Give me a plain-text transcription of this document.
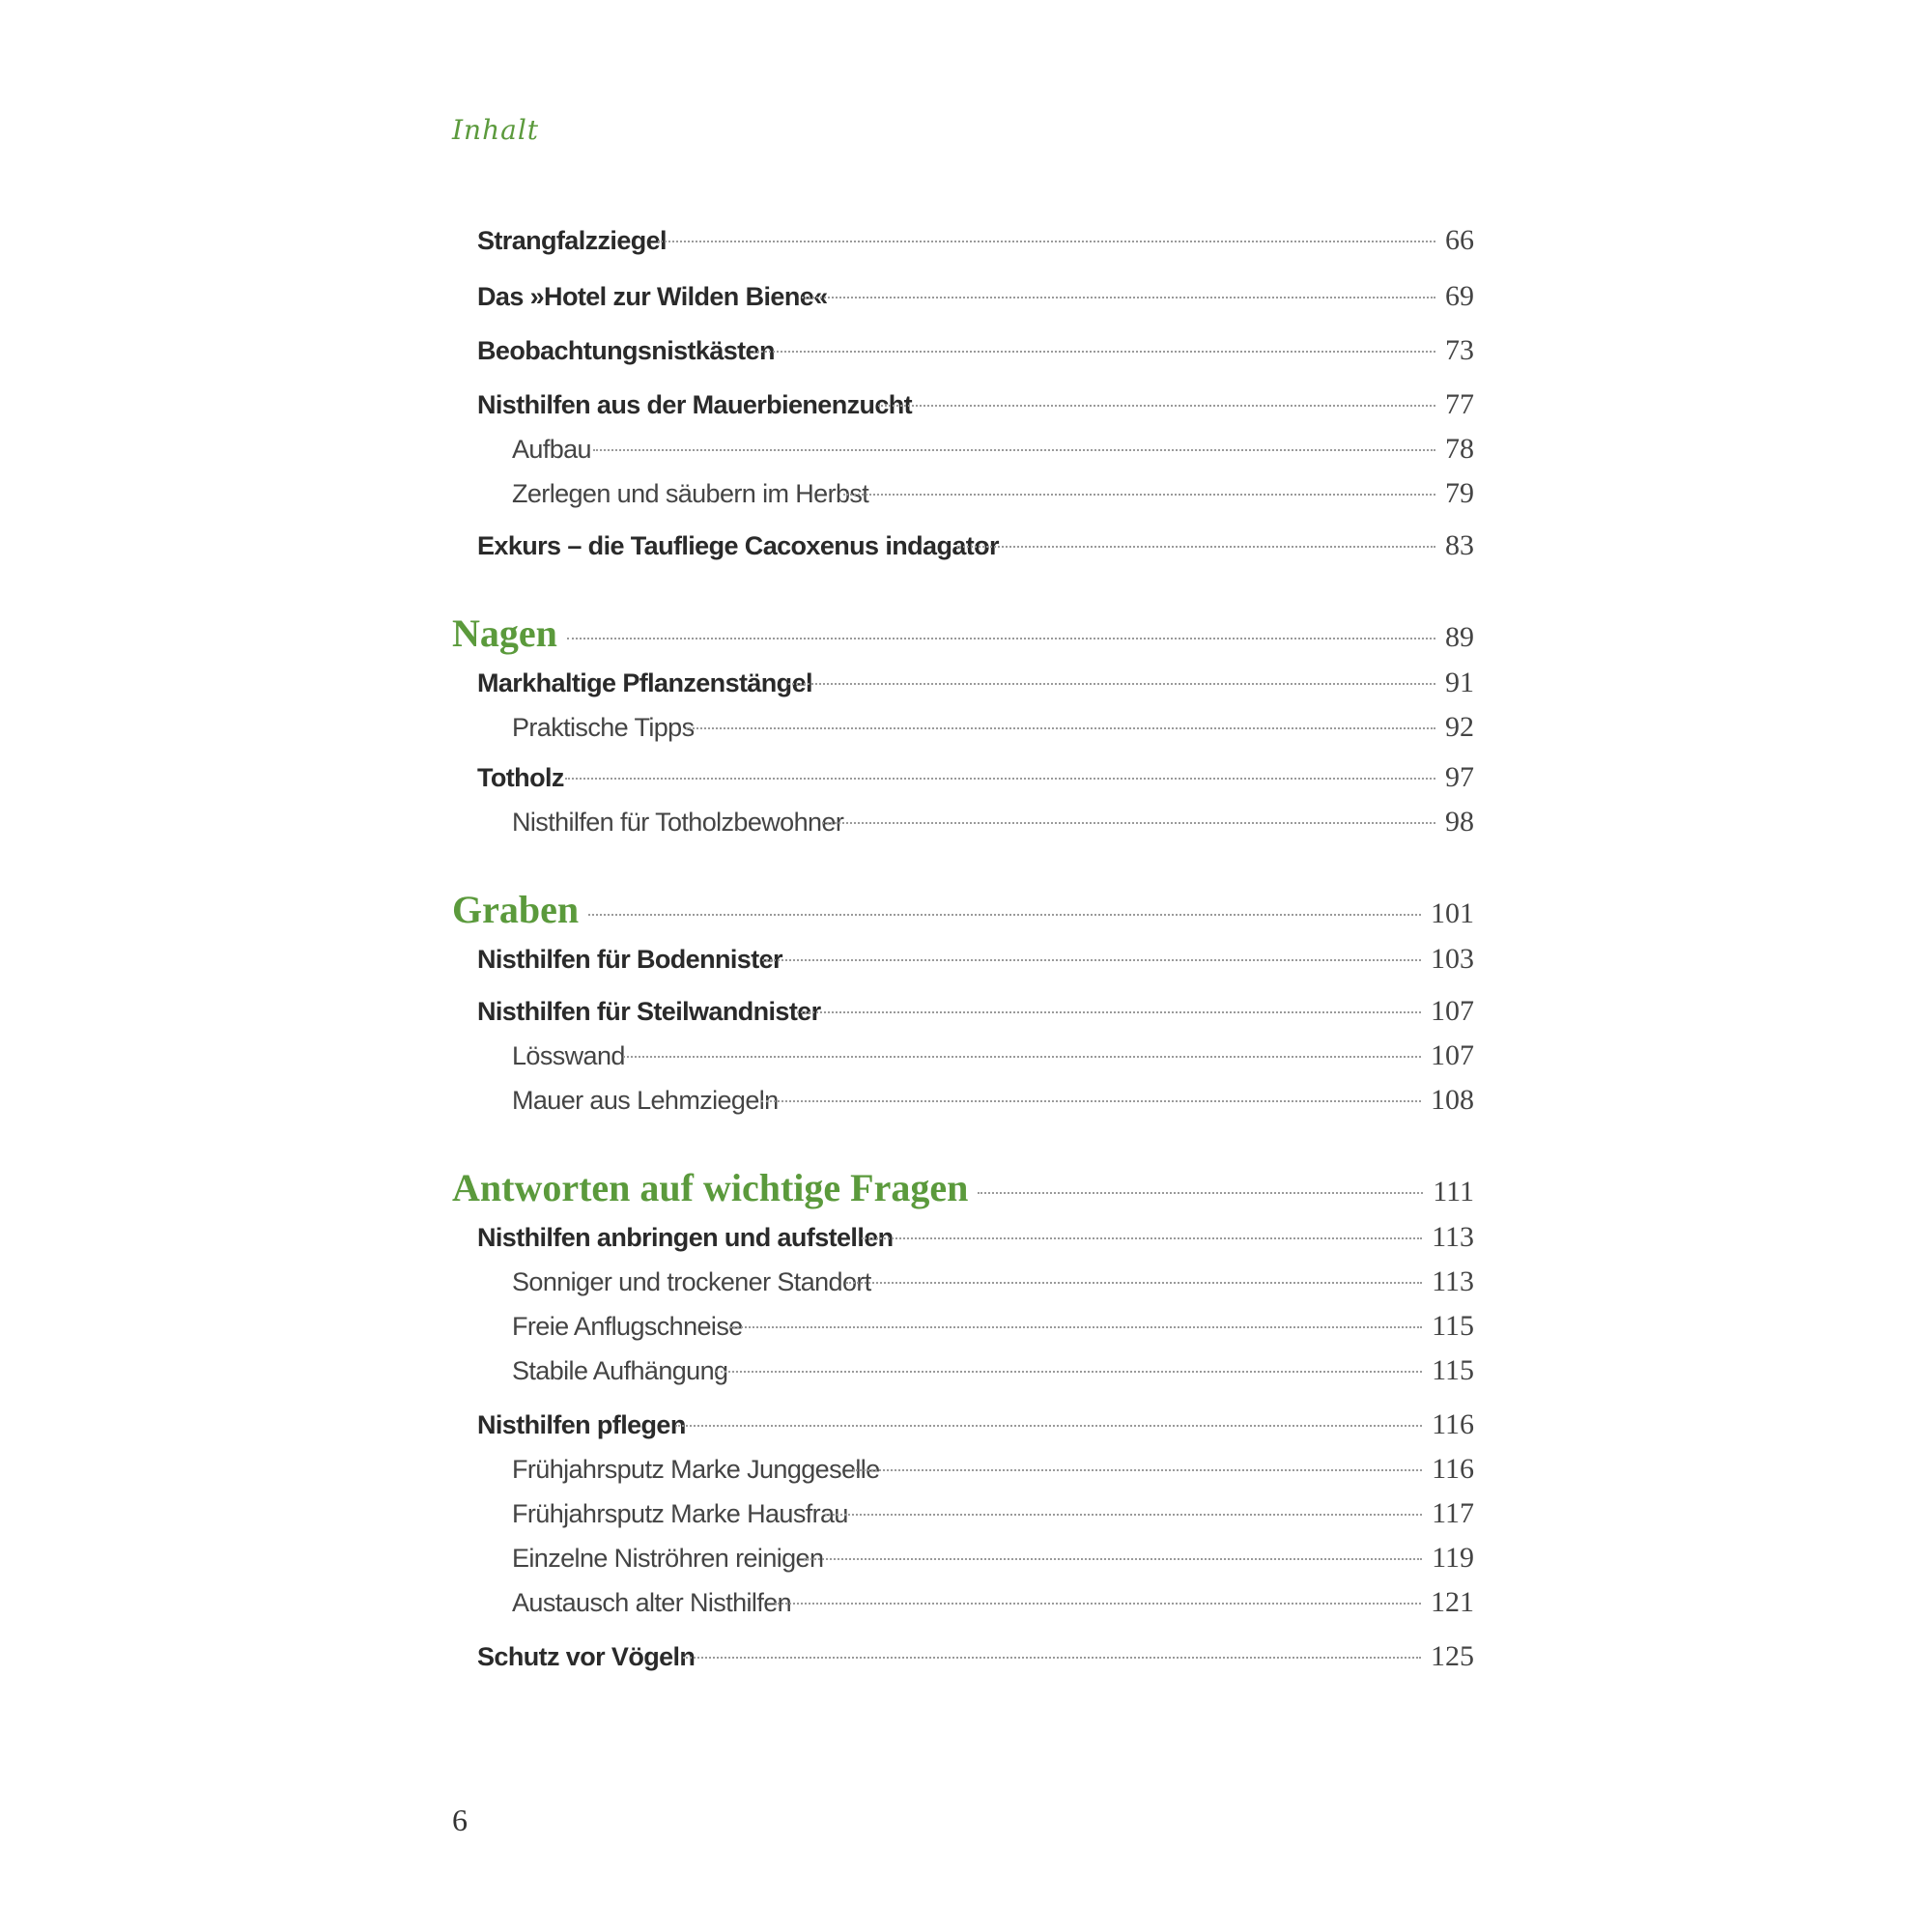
Inhalt
Strangfalzziegel	66
Das »Hotel zur Wilden Biene«	69
Beobachtungsnistkästen	73
Nisthilfen aus der Mauerbienenzucht	77
Aufbau	78
Zerlegen und säubern im Herbst	79
Exkurs – die Taufliege Cacoxenus indagator	83
Nagen	89
Markhaltige Pflanzenstängel	91
Praktische Tipps	92
Totholz	97
Nisthilfen für Totholzbewohner	98
Graben	101
Nisthilfen für Bodennister	103
Nisthilfen für Steilwandnister	107
Lösswand	107
Mauer aus Lehmziegeln	108
Antworten auf wichtige Fragen	111
Nisthilfen anbringen und aufstellen	113
Sonniger und trockener Standort	113
Freie Anflugschneise	115
Stabile Aufhängung	115
Nisthilfen pflegen	116
Frühjahrsputz Marke Junggeselle	116
Frühjahrsputz Marke Hausfrau	117
Einzelne Niströhren reinigen	119
Austausch alter Nisthilfen	121
Schutz vor Vögeln	125
6
